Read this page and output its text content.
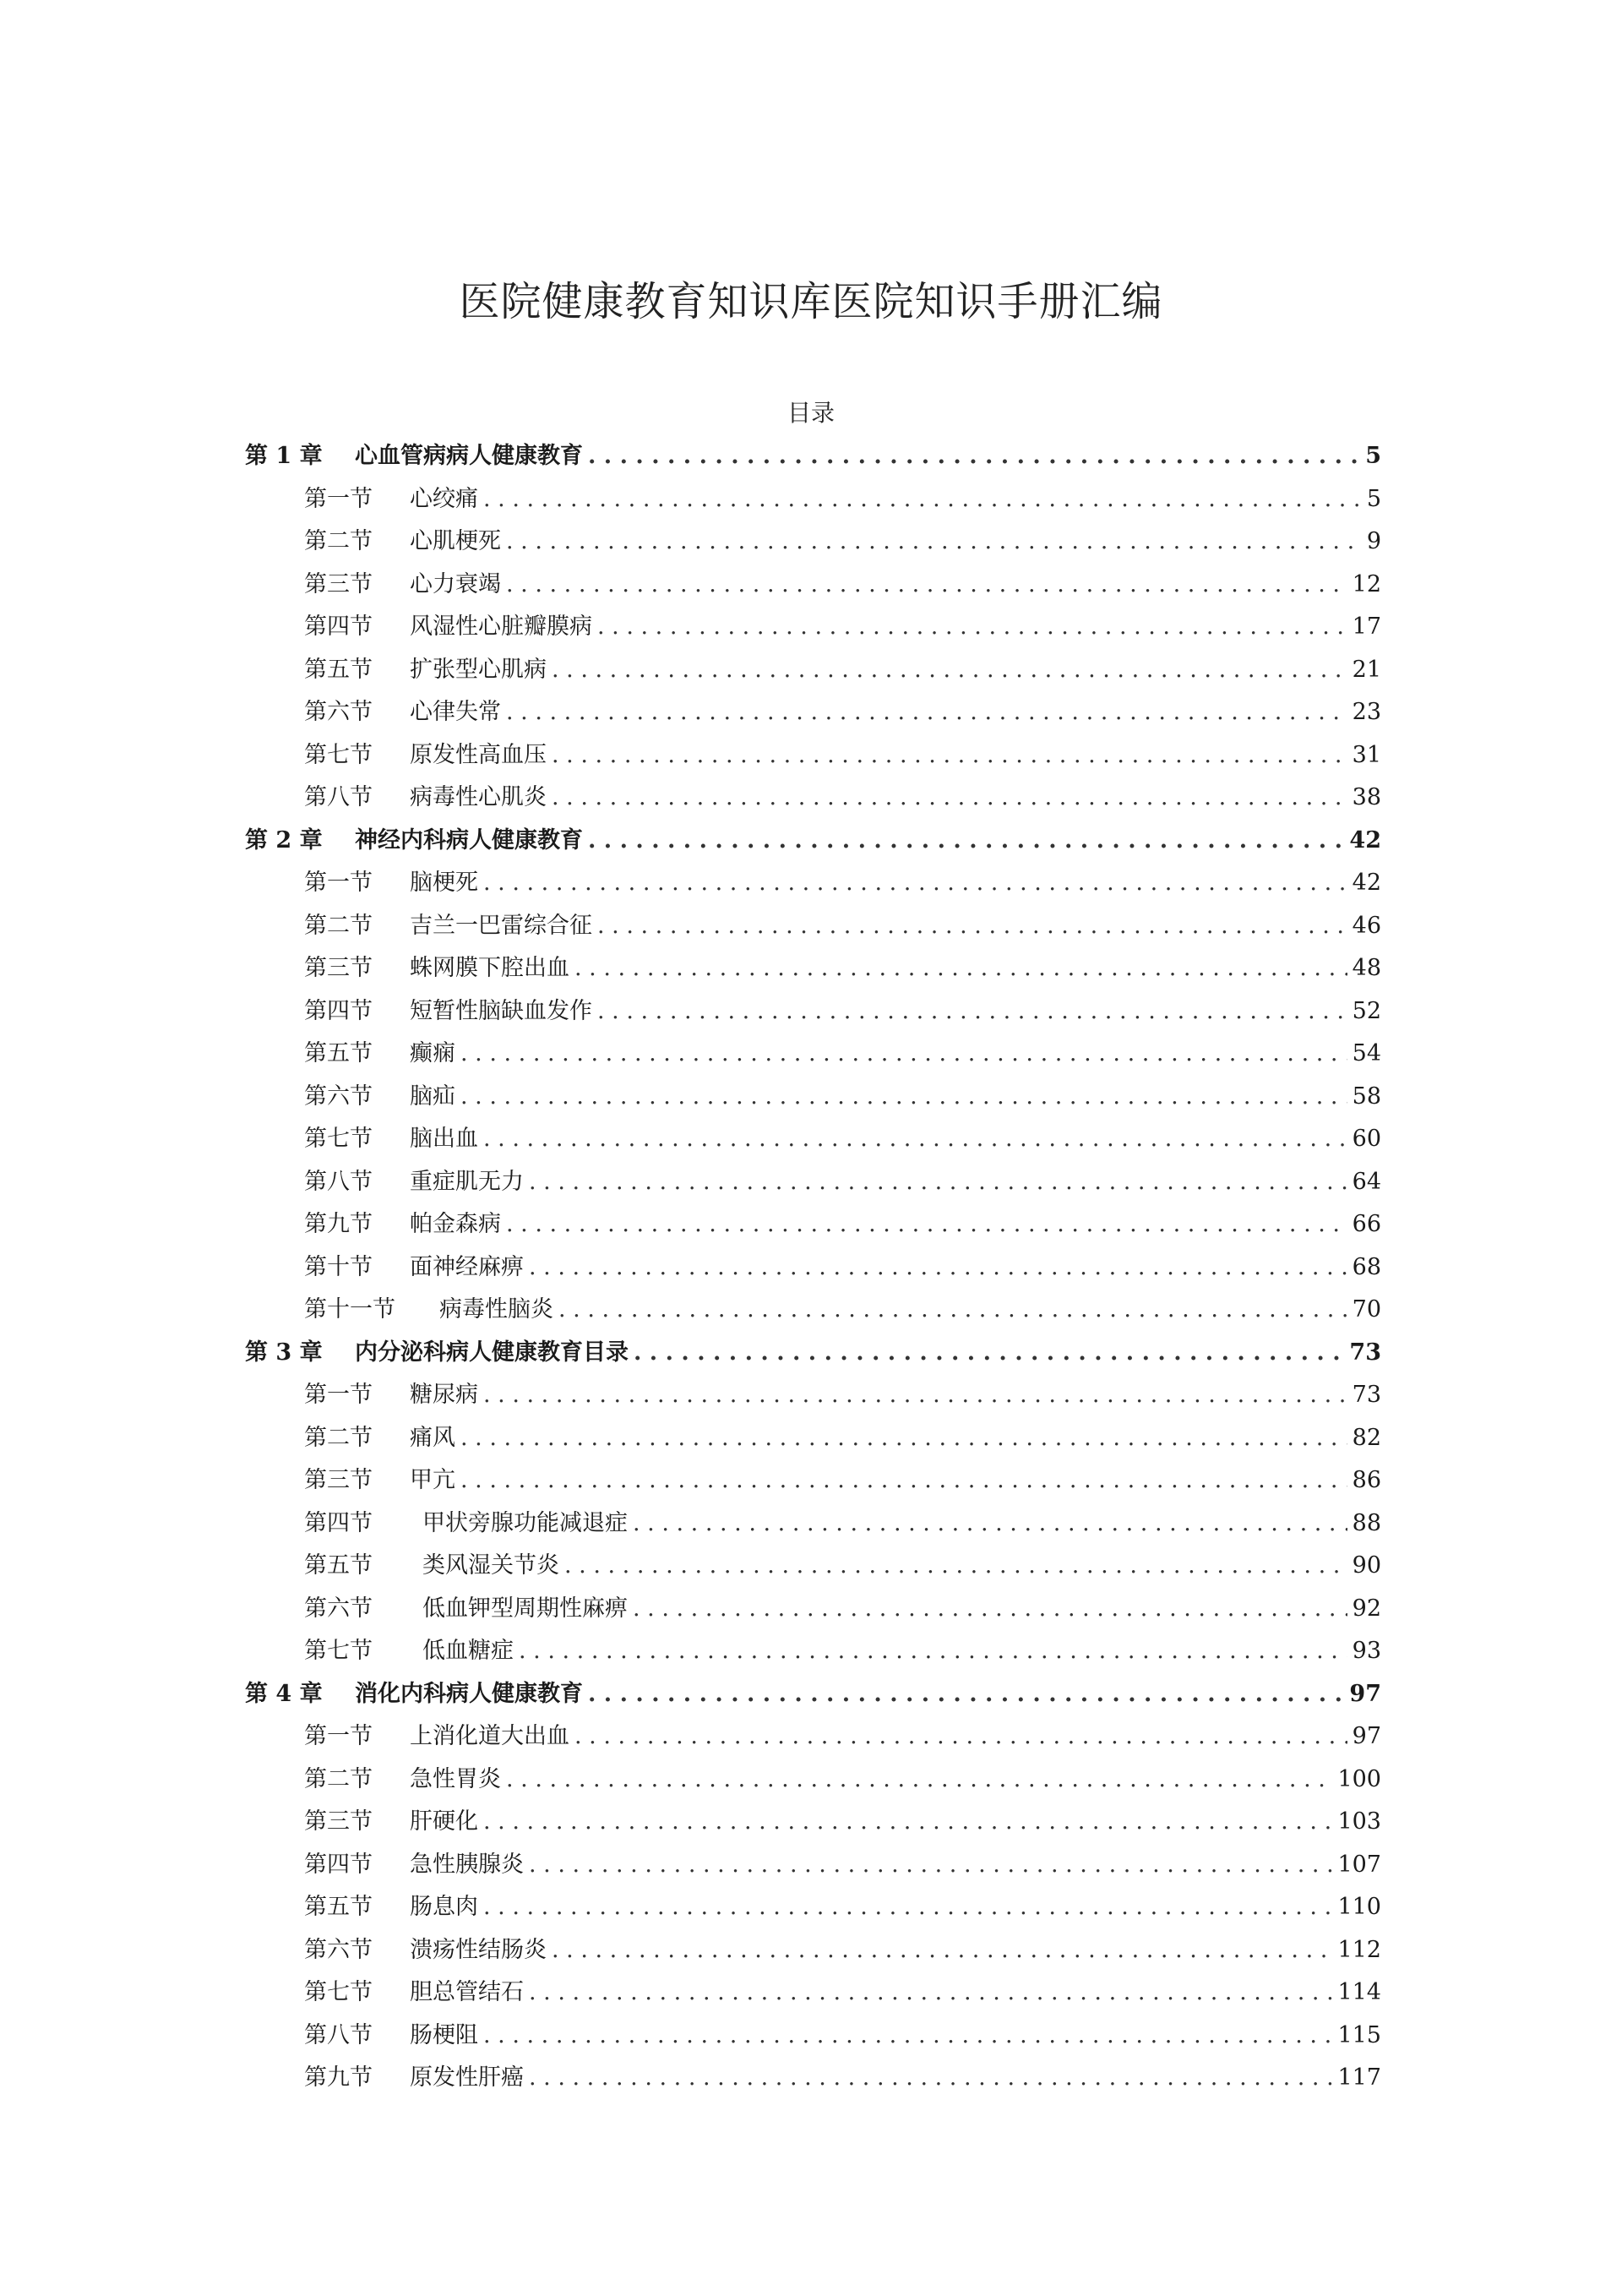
医院健康教育知识库医院知识手册汇编
目录
第 1 章	心血管病病人健康教育 . . .	5
第一节	心绞痛 . . .	5
第二节	心肌梗死 . . .	9
第三节	心力衰竭 . . .	12
第四节	风湿性心脏瓣膜病 . . .	17
第五节	扩张型心肌病 . . .	21
第六节	心律失常 . . .	23
第七节	原发性高血压 . . .	31
第八节	病毒性心肌炎 . . .	38
第 2 章	神经内科病人健康教育 . . .	42
第一节	脑梗死 . . .	42
第二节	吉兰一巴雷综合征 . . .	46
第三节	蛛网膜下腔出血 . . .	48
第四节	短暂性脑缺血发作 . . .	52
第五节	癫痫 . . .	54
第六节	脑疝 . . .	58
第七节	脑出血 . . .	60
第八节	重症肌无力 . . .	64
第九节	帕金森病 . . .	66
第十节	面神经麻痹 . . .	68
第十一节	病毒性脑炎 . . .	70
第 3 章	内分泌科病人健康教育目录 . . .	73
第一节	糖尿病 . . .	73
第二节	痛风 . . .	82
第三节	甲亢 . . .	86
第四节	甲状旁腺功能减退症 . . .	88
第五节	类风湿关节炎 . . .	90
第六节	低血钾型周期性麻痹 . . .	92
第七节	低血糖症 . . .	93
第 4 章	消化内科病人健康教育 . . .	97
第一节	上消化道大出血 . . .	97
第二节	急性胃炎 . . .	100
第三节	肝硬化 . . .	103
第四节	急性胰腺炎 . . .	107
第五节	肠息肉 . . .	110
第六节	溃疡性结肠炎 . . .	112
第七节	胆总管结石 . . .	114
第八节	肠梗阻 . . .	115
第九节	原发性肝癌 . . .	117
